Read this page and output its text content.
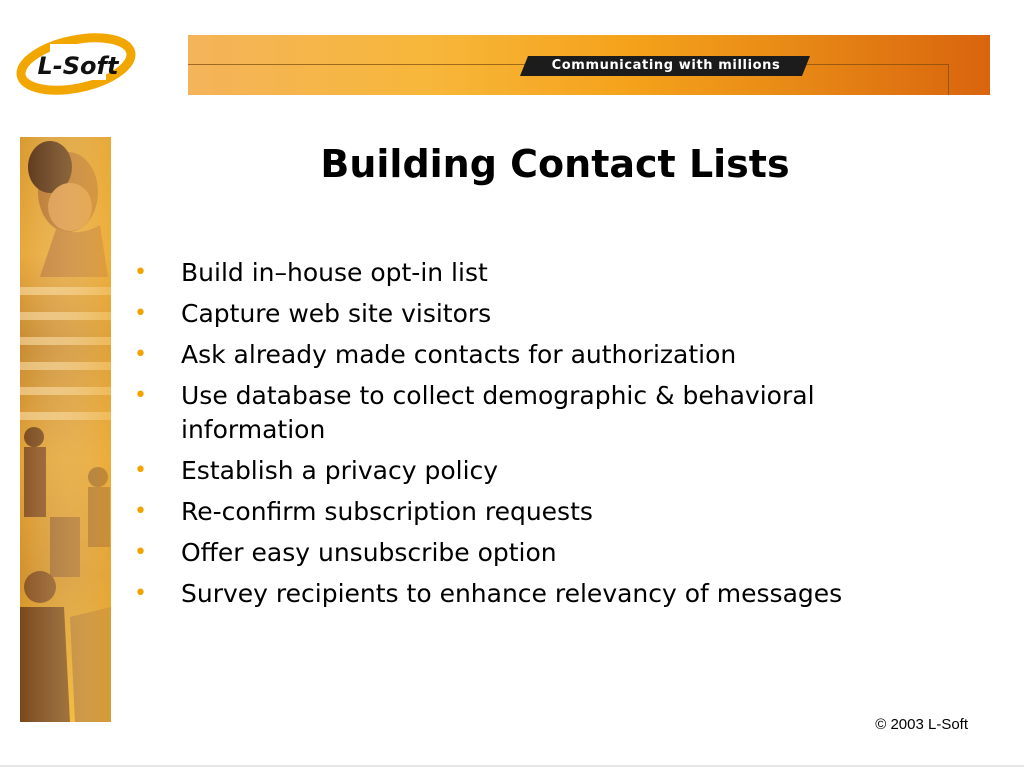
L-Soft	Communicating with millions
Building Contact Lists
• Build in–house opt-in list
• Capture web site visitors
• Ask already made contacts for authorization
• Use database to collect demographic & behavioral information
• Establish a privacy policy
• Re-confirm subscription requests
• Offer easy unsubscribe option
• Survey recipients to enhance relevancy of messages
© 2003 L-Soft
